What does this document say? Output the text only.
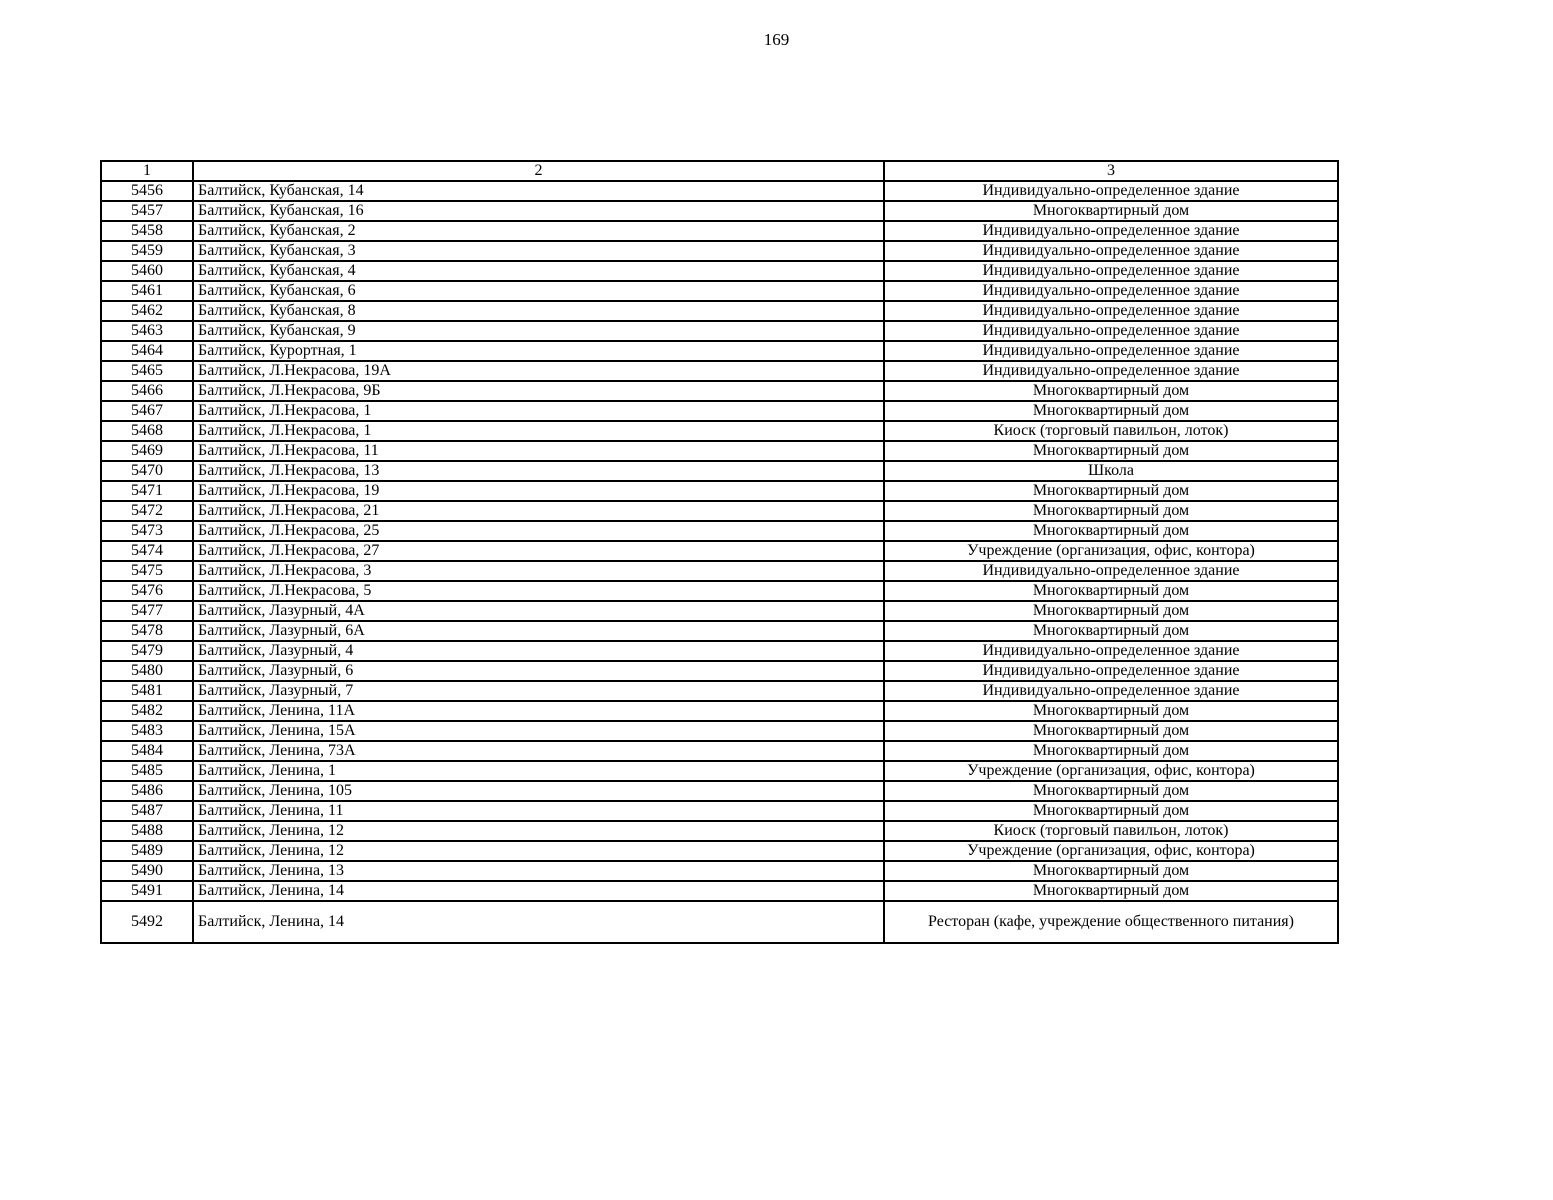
169
1	2	3
5456	Балтийск, Кубанская, 14	Индивидуально-определенное здание
5457	Балтийск, Кубанская, 16	Многоквартирный дом
5458	Балтийск, Кубанская, 2	Индивидуально-определенное здание
5459	Балтийск, Кубанская, 3	Индивидуально-определенное здание
5460	Балтийск, Кубанская, 4	Индивидуально-определенное здание
5461	Балтийск, Кубанская, 6	Индивидуально-определенное здание
5462	Балтийск, Кубанская, 8	Индивидуально-определенное здание
5463	Балтийск, Кубанская, 9	Индивидуально-определенное здание
5464	Балтийск, Курортная, 1	Индивидуально-определенное здание
5465	Балтийск, Л.Некрасова, 19А	Индивидуально-определенное здание
5466	Балтийск, Л.Некрасова, 9Б	Многоквартирный дом
5467	Балтийск, Л.Некрасова, 1	Многоквартирный дом
5468	Балтийск, Л.Некрасова, 1	Киоск (торговый павильон, лоток)
5469	Балтийск, Л.Некрасова, 11	Многоквартирный дом
5470	Балтийск, Л.Некрасова, 13	Школа
5471	Балтийск, Л.Некрасова, 19	Многоквартирный дом
5472	Балтийск, Л.Некрасова, 21	Многоквартирный дом
5473	Балтийск, Л.Некрасова, 25	Многоквартирный дом
5474	Балтийск, Л.Некрасова, 27	Учреждение (организация, офис, контора)
5475	Балтийск, Л.Некрасова, 3	Индивидуально-определенное здание
5476	Балтийск, Л.Некрасова, 5	Многоквартирный дом
5477	Балтийск, Лазурный, 4А	Многоквартирный дом
5478	Балтийск, Лазурный, 6А	Многоквартирный дом
5479	Балтийск, Лазурный, 4	Индивидуально-определенное здание
5480	Балтийск, Лазурный, 6	Индивидуально-определенное здание
5481	Балтийск, Лазурный, 7	Индивидуально-определенное здание
5482	Балтийск, Ленина, 11А	Многоквартирный дом
5483	Балтийск, Ленина, 15А	Многоквартирный дом
5484	Балтийск, Ленина, 73А	Многоквартирный дом
5485	Балтийск, Ленина, 1	Учреждение (организация, офис, контора)
5486	Балтийск, Ленина, 105	Многоквартирный дом
5487	Балтийск, Ленина, 11	Многоквартирный дом
5488	Балтийск, Ленина, 12	Киоск (торговый павильон, лоток)
5489	Балтийск, Ленина, 12	Учреждение (организация, офис, контора)
5490	Балтийск, Ленина, 13	Многоквартирный дом
5491	Балтийск, Ленина, 14	Многоквартирный дом
5492	Балтийск, Ленина, 14	Ресторан (кафе, учреждение общественного питания)
